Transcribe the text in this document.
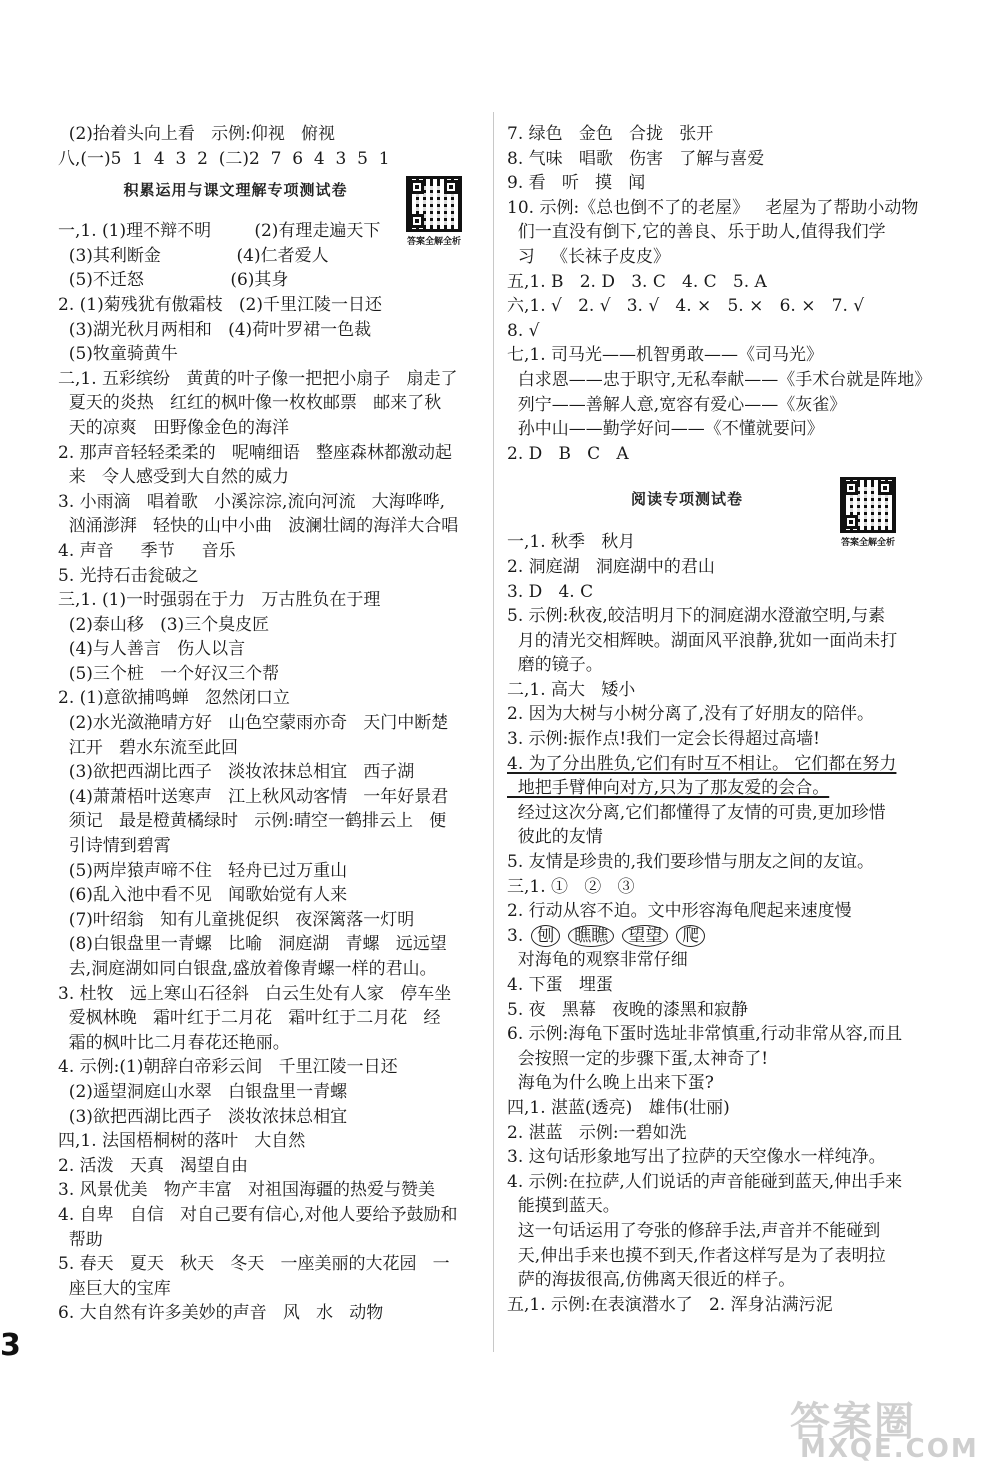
(2)抬着头向上看   示例:仰视   俯视
八,(一)5  1  4  3  2  (二)2  7  6  4  3  5  1
积累运用与课文理解专项测试卷
一,1. (1)理不辩不明        (2)有理走遍天下
(3)其利断金              (4)仁者爱人
(5)不迁怒                (6)其身
2. (1)菊残犹有傲霜枝   (2)千里江陵一日还
(3)湖光秋月两相和   (4)荷叶罗裙一色裁
(5)牧童骑黄牛
二,1. 五彩缤纷   黄黄的叶子像一把把小扇子   扇走了
夏天的炎热   红红的枫叶像一枚枚邮票   邮来了秋
天的凉爽   田野像金色的海洋
2. 那声音轻轻柔柔的   呢喃细语   整座森林都激动起
来   令人感受到大自然的威力
3. 小雨滴   唱着歌   小溪淙淙,流向河流   大海哗哗,
汹涌澎湃   轻快的山中小曲   波澜壮阔的海洋大合唱
4. 声音     季节     音乐
5. 光持石击瓮破之
三,1. (1)一时强弱在于力   万古胜负在于理
(2)泰山移   (3)三个臭皮匠
(4)与人善言   伤人以言
(5)三个桩   一个好汉三个帮
2. (1)意欲捕鸣蝉   忽然闭口立
(2)水光潋滟晴方好   山色空蒙雨亦奇   天门中断楚
江开   碧水东流至此回
(3)欲把西湖比西子   淡妆浓抹总相宜   西子湖
(4)萧萧梧叶送寒声   江上秋风动客情   一年好景君
须记   最是橙黄橘绿时   示例:晴空一鹤排云上   便
引诗情到碧霄
(5)两岸猿声啼不住   轻舟已过万重山
(6)乱入池中看不见   闻歌始觉有人来
(7)叶绍翁   知有儿童挑促织   夜深篱落一灯明
(8)白银盘里一青螺   比喻   洞庭湖   青螺   远远望
去,洞庭湖如同白银盘,盛放着像青螺一样的君山。
3. 杜牧   远上寒山石径斜   白云生处有人家   停车坐
爱枫林晚   霜叶红于二月花   霜叶红于二月花   经
霜的枫叶比二月春花还艳丽。
4. 示例:(1)朝辞白帝彩云间   千里江陵一日还
(2)遥望洞庭山水翠   白银盘里一青螺
(3)欲把西湖比西子   淡妆浓抹总相宜
四,1. 法国梧桐树的落叶   大自然
2. 活泼   天真   渴望自由
3. 风景优美   物产丰富   对祖国海疆的热爱与赞美
4. 自卑   自信   对自己要有信心,对他人要给予鼓励和
帮助
5. 春天   夏天   秋天   冬天   一座美丽的大花园   一
座巨大的宝库
6. 大自然有许多美妙的声音   风   水   动物
7. 绿色   金色   合拢   张开
8. 气味   唱歌   伤害   了解与喜爱
9. 看   听   摸   闻
10. 示例:《总也倒不了的老屋》   老屋为了帮助小动物
们一直没有倒下,它的善良、乐于助人,值得我们学
习   《长袜子皮皮》
五,1. B   2. D   3. C   4. C   5. A
六,1. √   2. √   3. √   4. ×   5. ×   6. ×   7. √
8. √
七,1. 司马光——机智勇敢——《司马光》
白求恩——忠于职守,无私奉献——《手术台就是阵地》
列宁——善解人意,宽容有爱心——《灰雀》
孙中山——勤学好问——《不懂就要问》
2. D   B   C   A
阅读专项测试卷
一,1. 秋季   秋月
2. 洞庭湖   洞庭湖中的君山
3. D   4. C
5. 示例:秋夜,皎洁明月下的洞庭湖水澄澈空明,与素
月的清光交相辉映。湖面风平浪静,犹如一面尚未打
磨的镜子。
二,1. 高大   矮小
2. 因为大树与小树分离了,没有了好朋友的陪伴。
3. 示例:振作点!我们一定会长得超过高墙!
4. 为了分出胜负,它们有时互不相让。 它们都在努力
地把手臂伸向对方,只为了那友爱的会合。
经过这次分离,它们都懂得了友情的可贵,更加珍惜
彼此的友情
5. 友情是珍贵的,我们要珍惜与朋友之间的友谊。
三,1. ①   ②   ③
2. 行动从容不迫。文中形容海龟爬起来速度慢
3. 刨 瞧瞧 望望 爬
对海龟的观察非常仔细
4. 下蛋   埋蛋
5. 夜   黑幕   夜晚的漆黑和寂静
6. 示例:海龟下蛋时选址非常慎重,行动非常从容,而且
会按照一定的步骤下蛋,太神奇了!
海龟为什么晚上出来下蛋?
四,1. 湛蓝(透亮)   雄伟(壮丽)
2. 湛蓝   示例:一碧如洗
3. 这句话形象地写出了拉萨的天空像水一样纯净。
4. 示例:在拉萨,人们说话的声音能碰到蓝天,伸出手来
能摸到蓝天。
这一句话运用了夸张的修辞手法,声音并不能碰到
天,伸出手来也摸不到天,作者这样写是为了表明拉
萨的海拔很高,仿佛离天很近的样子。
五,1. 示例:在表演潜水了   2. 浑身沾满污泥
答案全解全析
答案全解全析
3
答案圈
MXQE.COM
